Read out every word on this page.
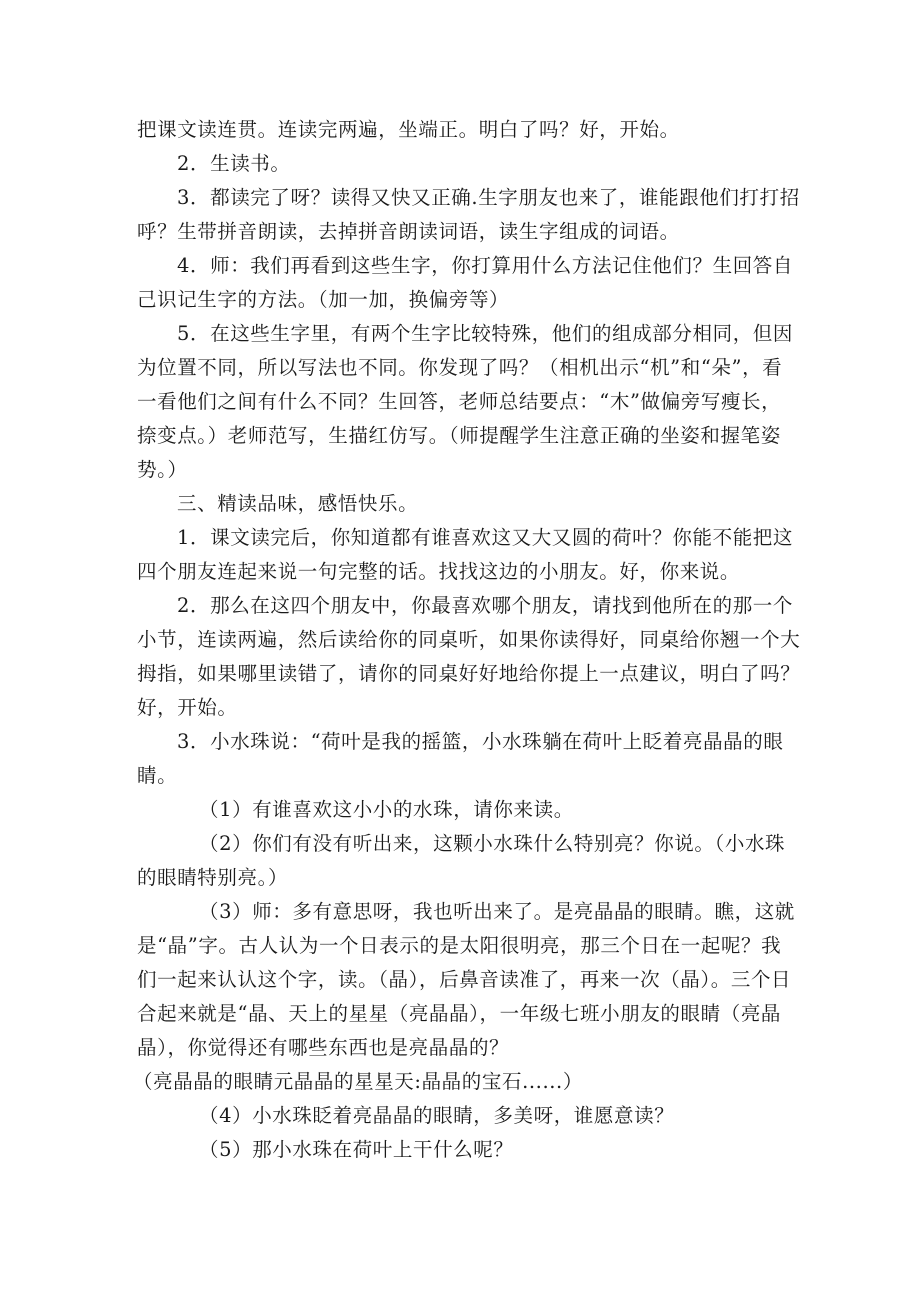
把课文读连贯。连读完两遍，坐端正。明白了吗？好，开始。

2．生读书。

3．都读完了呀？读得又快又正确.生字朋友也来了，谁能跟他们打打招呼？生带拼音朗读，去掉拼音朗读词语，读生字组成的词语。

4．师：我们再看到这些生字，你打算用什么方法记住他们？生回答自己识记生字的方法。（加一加，换偏旁等）

5．在这些生字里，有两个生字比较特殊，他们的组成部分相同，但因为位置不同，所以写法也不同。你发现了吗？（相机出示“机”和“朵”，看一看他们之间有什么不同？生回答，老师总结要点：“木”做偏旁写瘦长，捺变点。）老师范写，生描红仿写。（师提醒学生注意正确的坐姿和握笔姿势。）

三、精读品味，感悟快乐。

1．课文读完后，你知道都有谁喜欢这又大又圆的荷叶？你能不能把这四个朋友连起来说一句完整的话。找找这边的小朋友。好，你来说。

2．那么在这四个朋友中，你最喜欢哪个朋友，请找到他所在的那一个小节，连读两遍，然后读给你的同桌听，如果你读得好，同桌给你翘一个大拇指，如果哪里读错了，请你的同桌好好地给你提上一点建议，明白了吗？好，开始。

3．小水珠说：“荷叶是我的摇篮，小水珠躺在荷叶上眨着亮晶晶的眼睛。

（1）有谁喜欢这小小的水珠，请你来读。

（2）你们有没有听出来，这颗小水珠什么特别亮？你说。（小水珠的眼睛特别亮。）

（3）师：多有意思呀，我也听出来了。是亮晶晶的眼睛。瞧，这就是“晶”字。古人认为一个日表示的是太阳很明亮，那三个日在一起呢？我们一起来认认这个字，读。（晶），后鼻音读准了，再来一次（晶）。三个日合起来就是“晶、天上的星星（亮晶晶），一年级七班小朋友的眼睛（亮晶晶），你觉得还有哪些东西也是亮晶晶的？

（亮晶晶的眼睛元晶晶的星星天:晶晶的宝石......）

（4）小水珠眨着亮晶晶的眼睛，多美呀，谁愿意读？

（5）那小水珠在荷叶上干什么呢？
